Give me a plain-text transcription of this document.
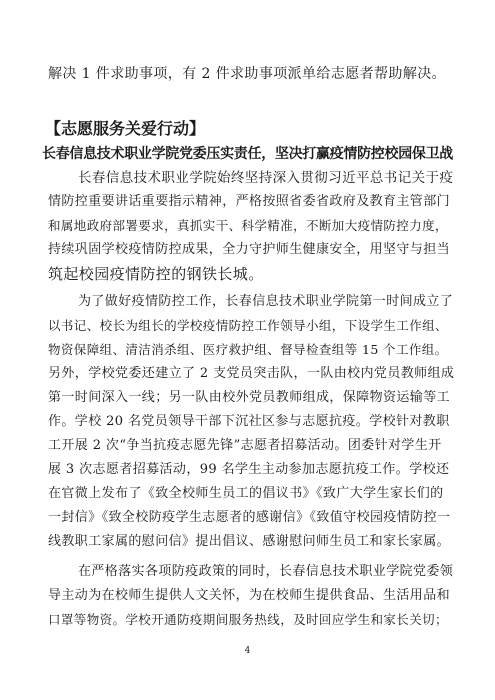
解决 1 件求助事项，有 2 件求助事项派单给志愿者帮助解决。
【志愿服务关爱行动】
长春信息技术职业学院党委压实责任，坚决打赢疫情防控校园保卫战
长春信息技术职业学院始终坚持深入贯彻习近平总书记关于疫
情防控重要讲话重要指示精神，严格按照省委省政府及教育主管部门
和属地政府部署要求，真抓实干、科学精准，不断加大疫情防控力度，
持续巩固学校疫情防控成果，全力守护师生健康安全，用坚守与担当
筑起校园疫情防控的钢铁长城。
为了做好疫情防控工作，长春信息技术职业学院第一时间成立了
以书记、校长为组长的学校疫情防控工作领导小组，下设学生工作组、
物资保障组、清洁消杀组、医疗救护组、督导检查组等 15 个工作组。
另外，学校党委还建立了 2 支党员突击队，一队由校内党员教师组成
第一时间深入一线；另一队由校外党员教师组成，保障物资运输等工
作。学校 20 名党员领导干部下沉社区参与志愿抗疫。学校针对教职
工开展 2 次“争当抗疫志愿先锋”志愿者招募活动。团委针对学生开
展 3 次志愿者招募活动，99 名学生主动参加志愿抗疫工作。学校还
在官微上发布了《致全校师生员工的倡议书》《致广大学生家长们的
一封信》《致全校防疫学生志愿者的感谢信》《致值守校园疫情防控一
线教职工家属的慰问信》提出倡议、感谢慰问师生员工和家长家属。
在严格落实各项防疫政策的同时，长春信息技术职业学院党委领
导主动为在校师生提供人文关怀，为在校师生提供食品、生活用品和
口罩等物资。学校开通防疫期间服务热线，及时回应学生和家长关切；
4
